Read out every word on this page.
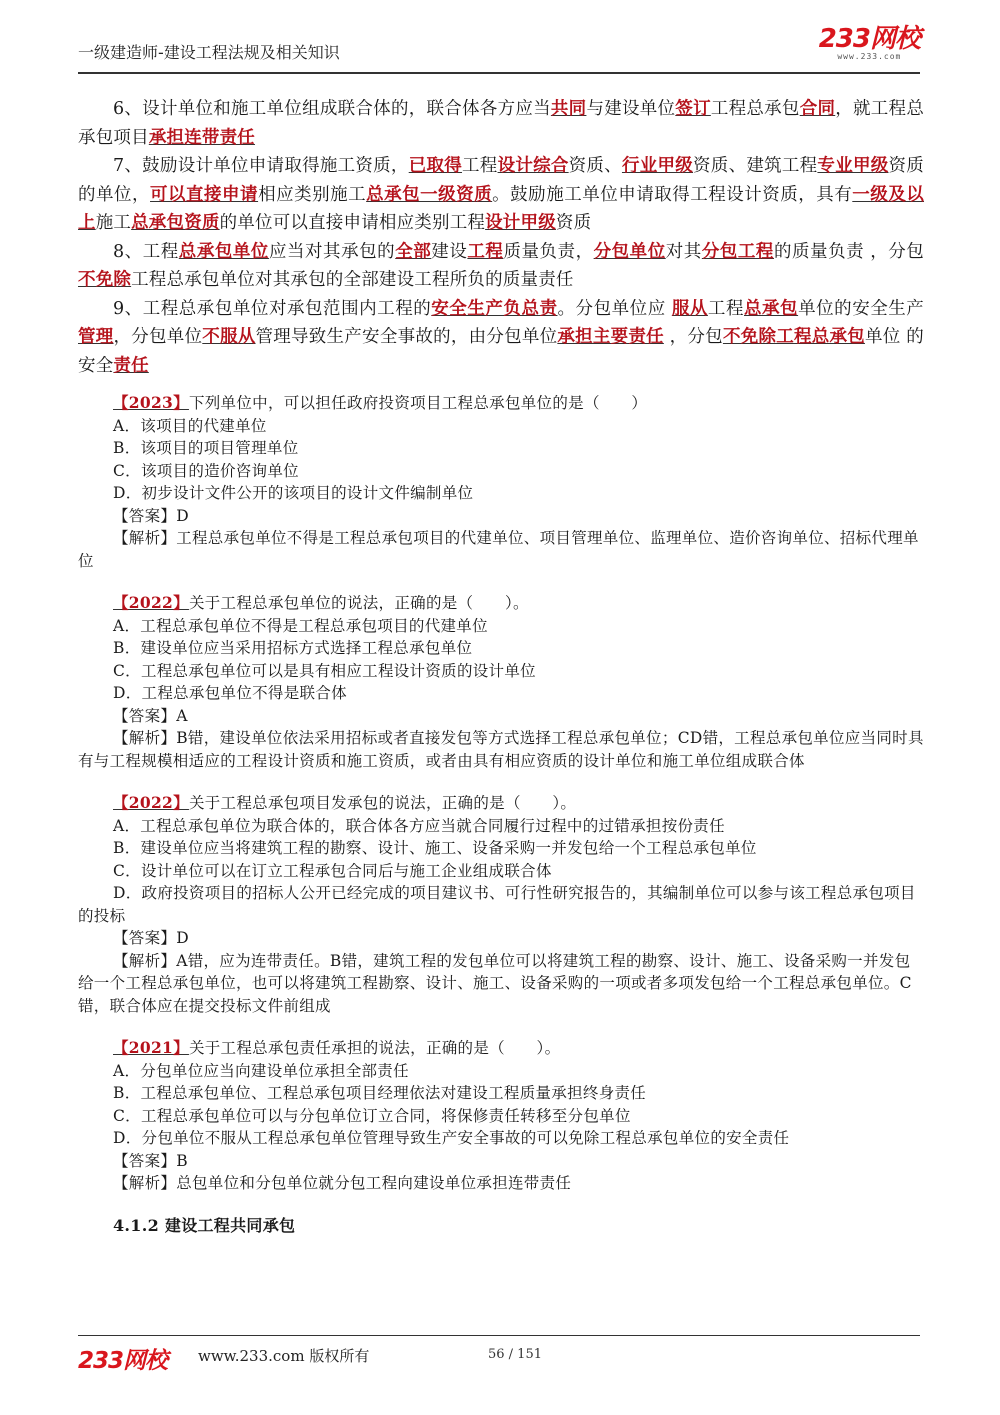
一级建造师-建设工程法规及相关知识	233网校
www.233.com

6、设计单位和施工单位组成联合体的，联合体各方应当共同与建设单位签订工程总承包合同，就工程总承包项目承担连带责任

7、鼓励设计单位申请取得施工资质，已取得工程设计综合资质、行业甲级资质、建筑工程专业甲级资质的单位，可以直接申请相应类别施工总承包一级资质。鼓励施工单位申请取得工程设计资质，具有一级及以上施工总承包资质的单位可以直接申请相应类别工程设计甲级资质

8、工程总承包单位应当对其承包的全部建设工程质量负责，分包单位对其分包工程的质量负责 ，分包不免除工程总承包单位对其承包的全部建设工程所负的质量责任

9、工程总承包单位对承包范围内工程的安全生产负总责。分包单位应 服从工程总承包单位的安全生产管理，分包单位不服从管理导致生产安全事故的，由分包单位承担主要责任 ，分包不免除工程总承包单位 的安全责任

【2023】下列单位中，可以担任政府投资项目工程总承包单位的是（　　）

A．该项目的代建单位

B．该项目的项目管理单位

C．该项目的造价咨询单位

D．初步设计文件公开的该项目的设计文件编制单位

【答案】D

【解析】工程总承包单位不得是工程总承包项目的代建单位、项目管理单位、监理单位、造价咨询单位、招标代理单位

【2022】关于工程总承包单位的说法，正确的是（　　）。

A．工程总承包单位不得是工程总承包项目的代建单位

B．建设单位应当采用招标方式选择工程总承包单位

C．工程总承包单位可以是具有相应工程设计资质的设计单位

D．工程总承包单位不得是联合体

【答案】A

【解析】B错，建设单位依法采用招标或者直接发包等方式选择工程总承包单位；CD错，工程总承包单位应当同时具有与工程规模相适应的工程设计资质和施工资质，或者由具有相应资质的设计单位和施工单位组成联合体

【2022】关于工程总承包项目发承包的说法，正确的是（　　）。

A．工程总承包单位为联合体的，联合体各方应当就合同履行过程中的过错承担按份责任

B．建设单位应当将建筑工程的勘察、设计、施工、设备采购一并发包给一个工程总承包单位

C．设计单位可以在订立工程承包合同后与施工企业组成联合体

D．政府投资项目的招标人公开已经完成的项目建议书、可行性研究报告的，其编制单位可以参与该工程总承包项目的投标

【答案】D

【解析】A错，应为连带责任。B错，建筑工程的发包单位可以将建筑工程的勘察、设计、施工、设备采购一并发包给一个工程总承包单位，也可以将建筑工程勘察、设计、施工、设备采购的一项或者多项发包给一个工程总承包单位。C错，联合体应在提交投标文件前组成

【2021】关于工程总承包责任承担的说法，正确的是（　　）。

A．分包单位应当向建设单位承担全部责任

B．工程总承包单位、工程总承包项目经理依法对建设工程质量承担终身责任

C．工程总承包单位可以与分包单位订立合同，将保修责任转移至分包单位

D．分包单位不服从工程总承包单位管理导致生产安全事故的可以免除工程总承包单位的安全责任

【答案】B

【解析】总包单位和分包单位就分包工程向建设单位承担连带责任

4.1.2 建设工程共同承包

233网校 www.233.com 版权所有	56 / 151
